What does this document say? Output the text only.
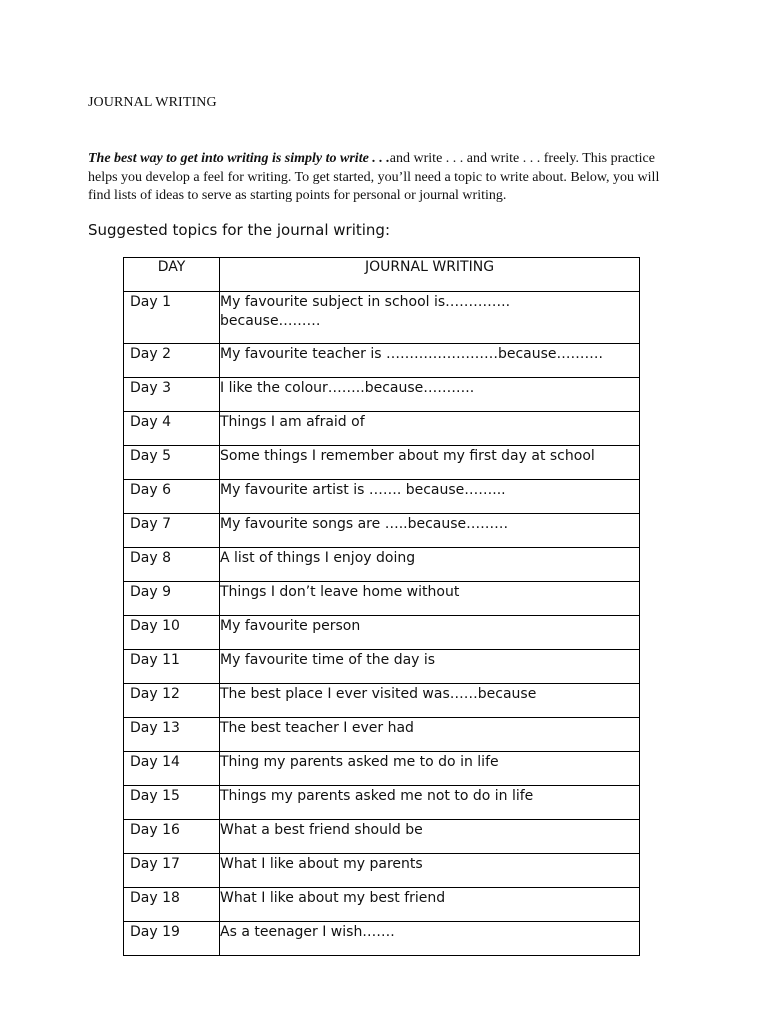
JOURNAL WRITING
The best way to get into writing is simply to write . . .and write . . . and write . . . freely. This practice helps you develop a feel for writing. To get started, you’ll need a topic to write about. Below, you will find lists of ideas to serve as starting points for personal or journal writing.
Suggested topics for the journal writing:
DAY	JOURNAL WRITING
Day 1	My favourite subject in school is…………..
because………
Day 2	My favourite teacher is ……………………because……….
Day 3	I like the colour……..because………..
Day 4	Things I am afraid of
Day 5	Some things I remember about my first day at school
Day 6	My favourite artist is ……. because……...
Day 7	My favourite songs are …..because………
Day 8	A list of things I enjoy doing
Day 9	Things I don’t leave home without
Day 10	My favourite person
Day 11	My favourite time of the day is
Day 12	The best place I ever visited was……because
Day 13	The best teacher I ever had
Day 14	Thing my parents asked me to do in life
Day 15	Things my parents asked me not to do in life
Day 16	What a best friend should be
Day 17	What I like about my parents
Day 18	What I like about my best friend
Day 19	As a teenager I wish…….
